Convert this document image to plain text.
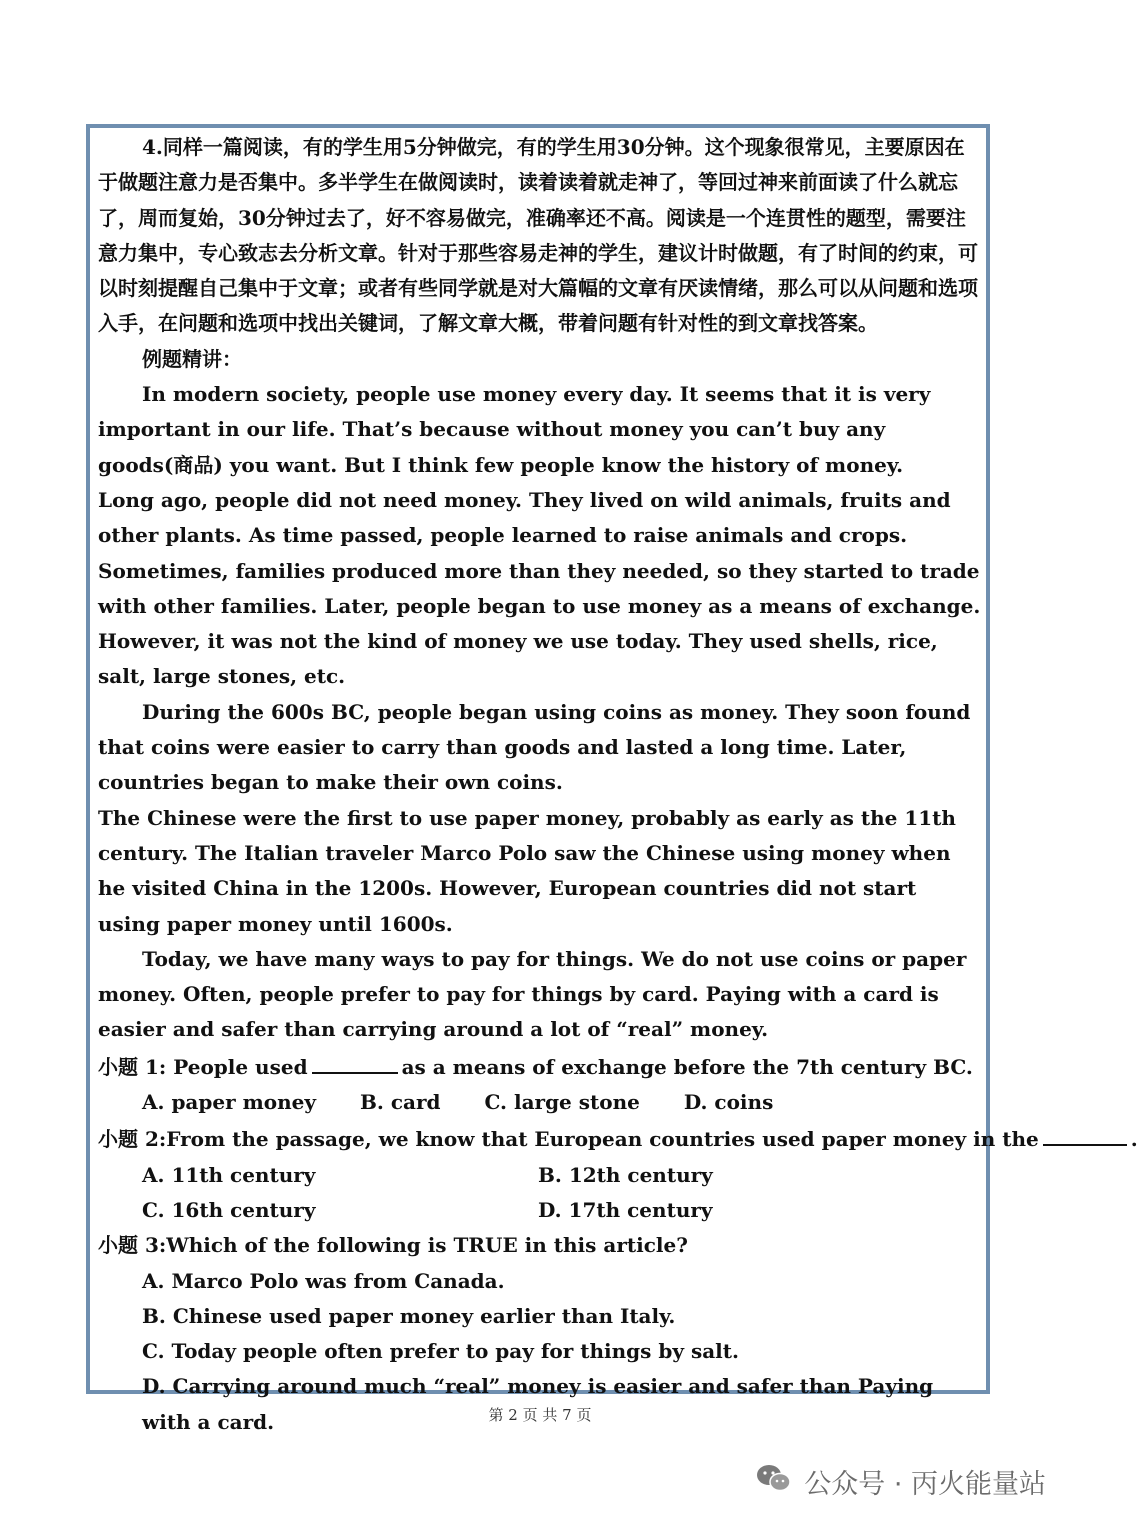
4.同样一篇阅读，有的学生用5分钟做完，有的学生用30分钟。这个现象很常见，主要原因在于做题注意力是否集中。多半学生在做阅读时，读着读着就走神了，等回过神来前面读了什么就忘了，周而复始，30分钟过去了，好不容易做完，准确率还不高。阅读是一个连贯性的题型，需要注意力集中，专心致志去分析文章。针对于那些容易走神的学生，建议计时做题，有了时间的约束，可以时刻提醒自己集中于文章；或者有些同学就是对大篇幅的文章有厌读情绪，那么可以从问题和选项入手，在问题和选项中找出关键词，了解文章大概，带着问题有针对性的到文章找答案。

例题精讲：

In modern society, people use money every day. It seems that it is very important in our life. That’s because without money you can’t buy any goods(商品) you want. But I think few people know the history of money.

Long ago, people did not need money. They lived on wild animals, fruits and other plants. As time passed, people learned to raise animals and crops. Sometimes, families produced more than they needed, so they started to trade with other families. Later, people began to use money as a means of exchange. However, it was not the kind of money we use today. They used shells, rice, salt, large stones, etc.

During the 600s BC, people began using coins as money. They soon found that coins were easier to carry than goods and lasted a long time. Later, countries began to make their own coins.

The Chinese were the first to use paper money, probably as early as the 11th century. The Italian traveler Marco Polo saw the Chinese using money when he visited China in the 1200s. However, European countries did not start using paper money until 1600s.

Today, we have many ways to pay for things. We do not use coins or paper money. Often, people prefer to pay for things by card. Paying with a card is easier and safer than carrying around a lot of “real” money.

小题 1: People used	as a means of exchange before the 7th century BC.

A. paper money B. card C. large stone D. coins

小题 2:From the passage, we know that European countries used paper money in the	.

A. 11th century	B. 12th century
C. 16th century	D. 17th century

小题 3:Which of the following is TRUE in this article?

A. Marco Polo was from Canada.

B. Chinese used paper money earlier than Italy.

C. Today people often prefer to pay for things by salt.

D. Carrying around much “real” money is easier and safer than Paying with a card.	第 2 页 共 7 页
公众号 · 丙火能量站
